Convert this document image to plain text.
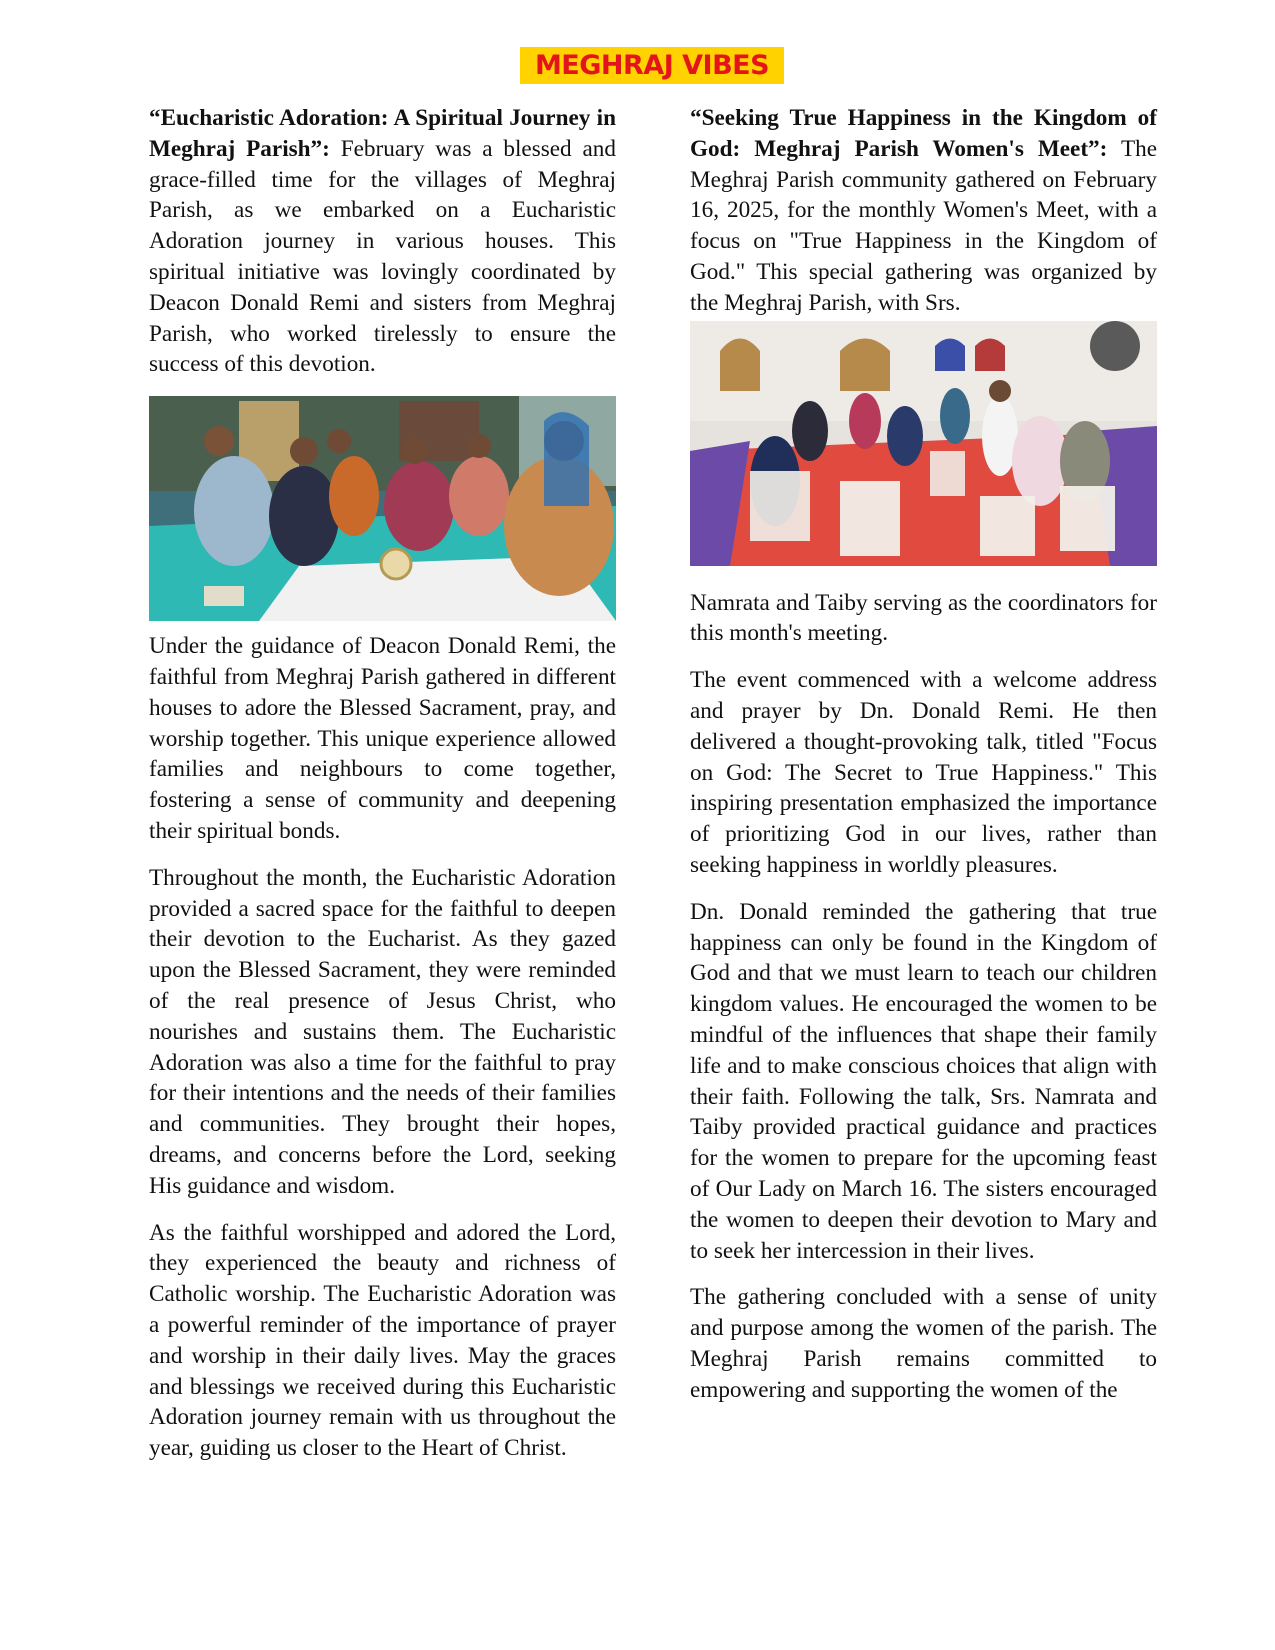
MEGHRAJ VIBES

“Eucharistic Adoration: A Spiritual Journey in Meghraj Parish”: February was a blessed and grace-filled time for the villages of Meghraj Parish, as we embarked on a Eucharistic Adoration journey in various houses. This spiritual initiative was lovingly coordinated by Deacon Donald Remi and sisters from Meghraj Parish, who worked tirelessly to ensure the success of this devotion.

Under the guidance of Deacon Donald Remi, the faithful from Meghraj Parish gathered in different houses to adore the Blessed Sacrament, pray, and worship together. This unique experience allowed families and neighbours to come together, fostering a sense of community and deepening their spiritual bonds.

Throughout the month, the Eucharistic Adoration provided a sacred space for the faithful to deepen their devotion to the Eucharist. As they gazed upon the Blessed Sacrament, they were reminded of the real presence of Jesus Christ, who nourishes and sustains them. The Eucharistic Adoration was also a time for the faithful to pray for their intentions and the needs of their families and communities. They brought their hopes, dreams, and concerns before the Lord, seeking His guidance and wisdom.

As the faithful worshipped and adored the Lord, they experienced the beauty and richness of Catholic worship. The Eucharistic Adoration was a powerful reminder of the importance of prayer and worship in their daily lives. May the graces and blessings we received during this Eucharistic Adoration journey remain with us throughout the year, guiding us closer to the Heart of Christ.

“Seeking True Happiness in the Kingdom of God: Meghraj Parish Women's Meet”: The Meghraj Parish community gathered on February 16, 2025, for the monthly Women's Meet, with a focus on "True Happiness in the Kingdom of God." This special gathering was organized by the Meghraj Parish, with Srs.

Namrata and Taiby serving as the coordinators for this month's meeting.

The event commenced with a welcome address and prayer by Dn. Donald Remi. He then delivered a thought-provoking talk, titled "Focus on God: The Secret to True Happiness." This inspiring presentation emphasized the importance of prioritizing God in our lives, rather than seeking happiness in worldly pleasures.

Dn. Donald reminded the gathering that true happiness can only be found in the Kingdom of God and that we must learn to teach our children kingdom values. He encouraged the women to be mindful of the influences that shape their family life and to make conscious choices that align with their faith. Following the talk, Srs. Namrata and Taiby provided practical guidance and practices for the women to prepare for the upcoming feast of Our Lady on March 16. The sisters encouraged the women to deepen their devotion to Mary and to seek her intercession in their lives.

The gathering concluded with a sense of unity and purpose among the women of the parish. The Meghraj Parish remains committed to empowering and supporting the women of the
